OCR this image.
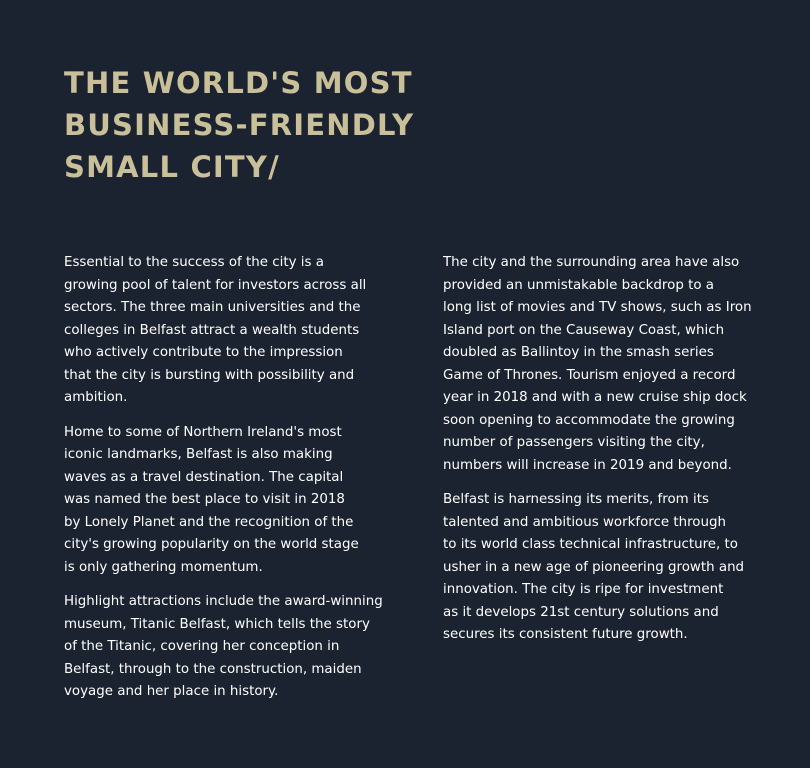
THE WORLD'S MOST
BUSINESS-FRIENDLY
SMALL CITY/

Essential to the success of the city is a
growing pool of talent for investors across all
sectors. The three main universities and the
colleges in Belfast attract a wealth students
who actively contribute to the impression
that the city is bursting with possibility and
ambition.

Home to some of Northern Ireland's most
iconic landmarks, Belfast is also making
waves as a travel destination. The capital
was named the best place to visit in 2018
by Lonely Planet and the recognition of the
city's growing popularity on the world stage
is only gathering momentum.

Highlight attractions include the award-winning
museum, Titanic Belfast, which tells the story
of the Titanic, covering her conception in
Belfast, through to the construction, maiden
voyage and her place in history.

The city and the surrounding area have also
provided an unmistakable backdrop to a
long list of movies and TV shows, such as Iron
Island port on the Causeway Coast, which
doubled as Ballintoy in the smash series
Game of Thrones. Tourism enjoyed a record
year in 2018 and with a new cruise ship dock
soon opening to accommodate the growing
number of passengers visiting the city,
numbers will increase in 2019 and beyond.

Belfast is harnessing its merits, from its
talented and ambitious workforce through
to its world class technical infrastructure, to
usher in a new age of pioneering growth and
innovation. The city is ripe for investment
as it develops 21st century solutions and
secures its consistent future growth.
